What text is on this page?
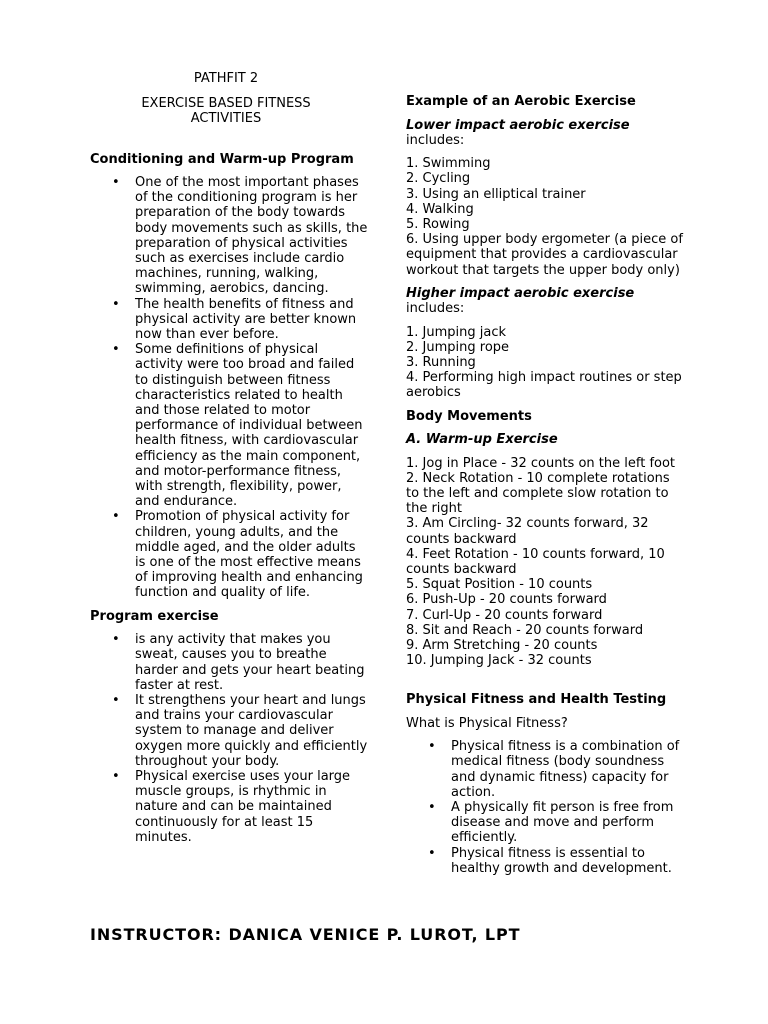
PATHFIT 2
EXERCISE BASED FITNESS
ACTIVITIES
Conditioning and Warm-up Program
• One of the most important phases of the conditioning program is her preparation of the body towards body movements such as skills, the preparation of physical activities such as exercises include cardio machines, running, walking, swimming, aerobics, dancing.
• The health benefits of fitness and physical activity are better known now than ever before.
• Some definitions of physical activity were too broad and failed to distinguish between fitness characteristics related to health and those related to motor performance of individual between health fitness, with cardiovascular efficiency as the main component, and motor-performance fitness, with strength, flexibility, power, and endurance.
• Promotion of physical activity for children, young adults, and the middle aged, and the older adults is one of the most effective means of improving health and enhancing function and quality of life.
Program exercise
• is any activity that makes you sweat, causes you to breathe harder and gets your heart beating faster at rest.
• It strengthens your heart and lungs and trains your cardiovascular system to manage and deliver oxygen more quickly and efficiently throughout your body.
• Physical exercise uses your large muscle groups, is rhythmic in nature and can be maintained continuously for at least 15 minutes.
Example of an Aerobic Exercise
Lower impact aerobic exercise
includes:
1. Swimming
2. Cycling
3. Using an elliptical trainer
4. Walking
5. Rowing
6. Using upper body ergometer (a piece of equipment that provides a cardiovascular workout that targets the upper body only)
Higher impact aerobic exercise
includes:
1. Jumping jack
2. Jumping rope
3. Running
4. Performing high impact routines or step aerobics
Body Movements
A. Warm-up Exercise
1. Jog in Place - 32 counts on the left foot
2. Neck Rotation - 10 complete rotations to the left and complete slow rotation to the right
3. Am Circling- 32 counts forward, 32 counts backward
4. Feet Rotation - 10 counts forward, 10 counts backward
5. Squat Position - 10 counts
6. Push-Up - 20 counts forward
7. Curl-Up - 20 counts forward
8. Sit and Reach - 20 counts forward
9. Arm Stretching - 20 counts
10. Jumping Jack - 32 counts
Physical Fitness and Health Testing
What is Physical Fitness?
• Physical fitness is a combination of medical fitness (body soundness and dynamic fitness) capacity for action.
• A physically fit person is free from disease and move and perform efficiently.
• Physical fitness is essential to healthy growth and development.
INSTRUCTOR: DANICA VENICE P. LUROT, LPT
